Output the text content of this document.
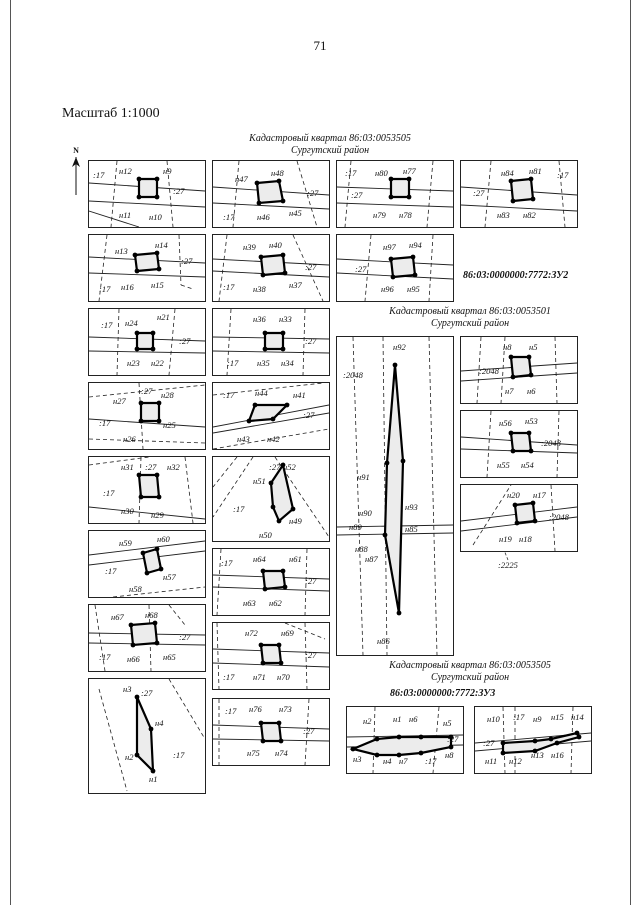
71
Масштаб 1:1000
N
Кадастровый квартал 86:03:0053505
Сургутский район
86:03:0000000:7772:ЗУ2
Кадастровый квартал 86:03:0053501
Сургутский район
Кадастровый квартал 86:03:0053505
Сургутский район
86:03:0000000:7772:ЗУ3
:2225
:17 н12	н9
:27
н11 н10
н47
н48
:27
:17	н46 н45
:17 н80 н77
:27
н79 н78
н84 н81 :17
:27
н83 н82
н13
н14
:27
:17 н16 н15
н39 н40
:27
:17 н38	н37
н97 н94
:27
н96 н95
:17 н24
н21
:27
н23 н22
н36 н33
:27
:17 н35 н34
:27
н27
н28
:17	н25
н26
:17 н44	н41
:27
н43 н42
н31 :27 н32
:17
н30 н29
:27 н52
н51
:17
н49
н50
н59	н60
:17
н57
н58
:17 н64	н61
:27
н63 н62
н67	н68
:27
:17 н66	н65
н72	н69
:27
:17 н71 н70
н3 :27
н4
н2	:17
н1
:17 н76 н73
:27
н75 н74
н92
:2048
н91
н93
н90
н89	н85
н88
н87
н86
н8 н5
:2048
н7 н6
н56 н53
:2048
н55 н54
н20 н17
:2048
н19 н18
н2	н1 н6	н5
:27
н8
н3	н4 н7 :17
н10 :17 н9 н15 н14
:27
н11 н12
н13 н16
